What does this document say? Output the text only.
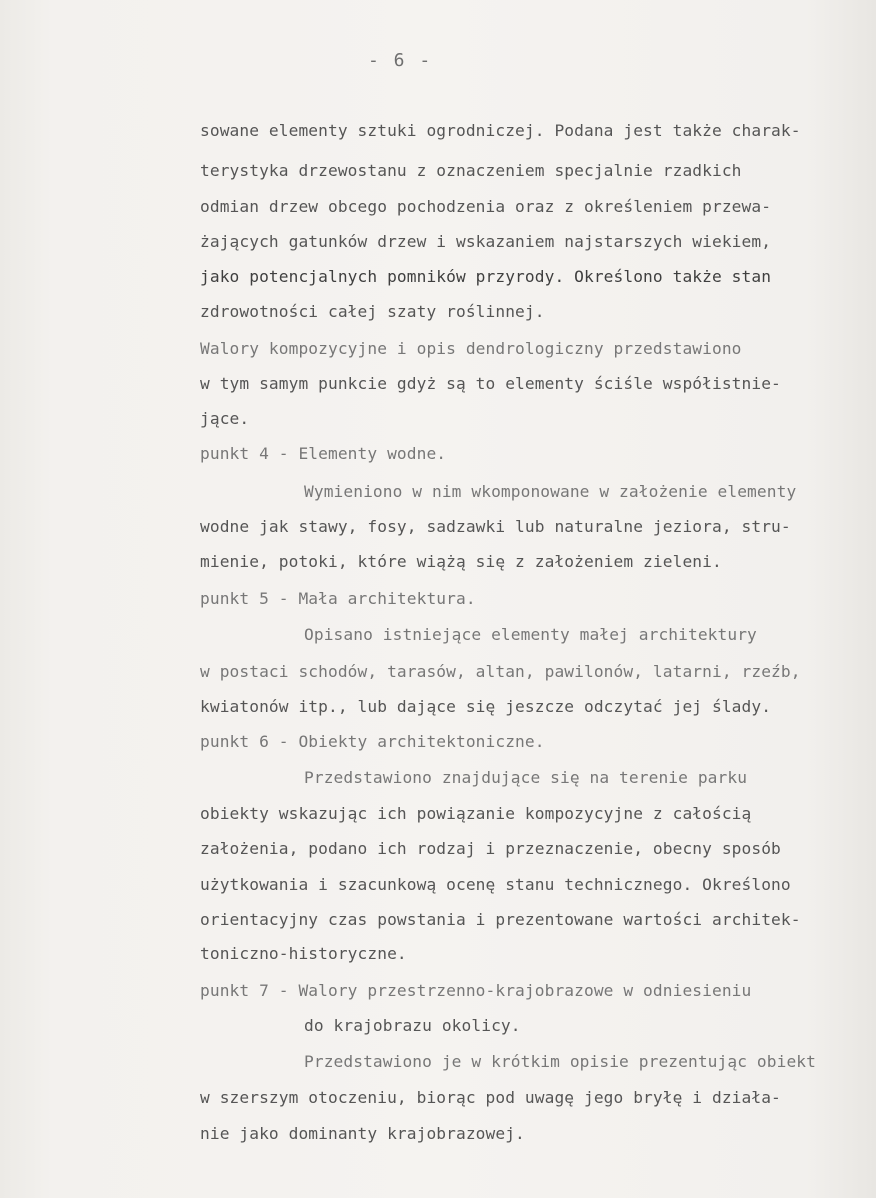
- 6 -
sowane elementy sztuki ogrodniczej. Podana jest także charak-
terystyka drzewostanu z oznaczeniem specjalnie rzadkich
odmian drzew obcego pochodzenia oraz z określeniem przewa-
żających gatunków drzew i wskazaniem najstarszych wiekiem,
jako potencjalnych pomników przyrody. Określono także stan
zdrowotności całej szaty roślinnej.
Walory kompozycyjne i opis dendrologiczny przedstawiono
w tym samym punkcie gdyż są to elementy ściśle współistnie-
jące.
punkt 4 - Elementy wodne.
Wymieniono w nim wkomponowane w założenie elementy
wodne jak stawy, fosy, sadzawki lub naturalne jeziora, stru-
mienie, potoki, które wiążą się z założeniem zieleni.
punkt 5 - Mała architektura.
Opisano istniejące elementy małej architektury
w postaci schodów, tarasów, altan, pawilonów, latarni, rzeźb,
kwiatonów itp., lub dające się jeszcze odczytać jej ślady.
punkt 6 - Obiekty architektoniczne.
Przedstawiono znajdujące się na terenie parku
obiekty wskazując ich powiązanie kompozycyjne z całością
założenia, podano ich rodzaj i przeznaczenie, obecny sposób
użytkowania i szacunkową ocenę stanu technicznego. Określono
orientacyjny czas powstania i prezentowane wartości architek-
toniczno-historyczne.
punkt 7 - Walory przestrzenno-krajobrazowe w odniesieniu
do krajobrazu okolicy.
Przedstawiono je w krótkim opisie prezentując obiekt
w szerszym otoczeniu, biorąc pod uwagę jego bryłę i działa-
nie jako dominanty krajobrazowej.
